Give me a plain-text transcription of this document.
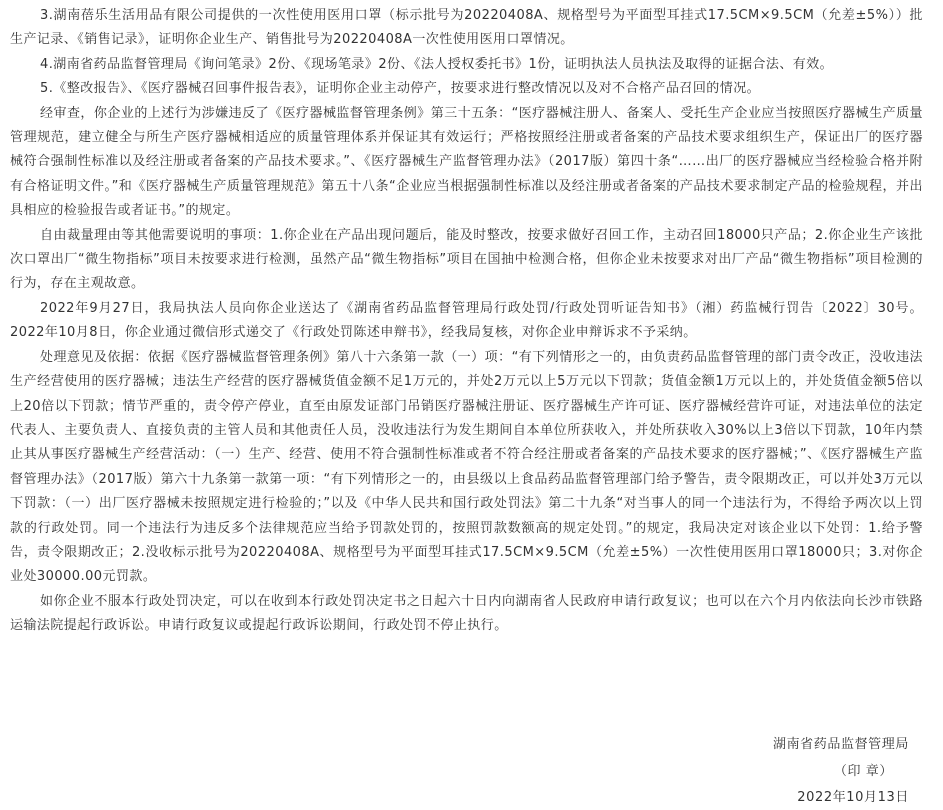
3.湖南蓓乐生活用品有限公司提供的一次性使用医用口罩（标示批号为20220408A、规格型号为平面型耳挂式17.5CM×9.5CM（允差±5%））批生产记录、《销售记录》，证明你企业生产、销售批号为20220408A一次性使用医用口罩情况。

4.湖南省药品监督管理局《询问笔录》2份、《现场笔录》2份、《法人授权委托书》1份，证明执法人员执法及取得的证据合法、有效。

5.《整改报告》、《医疗器械召回事件报告表》，证明你企业主动停产，按要求进行整改情况以及对不合格产品召回的情况。

经审查，你企业的上述行为涉嫌违反了《医疗器械监督管理条例》第三十五条：“医疗器械注册人、备案人、受托生产企业应当按照医疗器械生产质量管理规范，建立健全与所生产医疗器械相适应的质量管理体系并保证其有效运行；严格按照经注册或者备案的产品技术要求组织生产，保证出厂的医疗器械符合强制性标准以及经注册或者备案的产品技术要求。”、《医疗器械生产监督管理办法》（2017版）第四十条“……出厂的医疗器械应当经检验合格并附有合格证明文件。”和《医疗器械生产质量管理规范》第五十八条“企业应当根据强制性标准以及经注册或者备案的产品技术要求制定产品的检验规程，并出具相应的检验报告或者证书。”的规定。

自由裁量理由等其他需要说明的事项：1.你企业在产品出现问题后，能及时整改，按要求做好召回工作，主动召回18000只产品；2.你企业生产该批次口罩出厂“微生物指标”项目未按要求进行检测，虽然产品“微生物指标”项目在国抽中检测合格，但你企业未按要求对出厂产品“微生物指标”项目检测的行为，存在主观故意。

2022年9月27日，我局执法人员向你企业送达了《湖南省药品监督管理局行政处罚/行政处罚听证告知书》（湘）药监械行罚告〔2022〕30号。2022年10月8日，你企业通过微信形式递交了《行政处罚陈述申辩书》，经我局复核，对你企业申辩诉求不予采纳。

处理意见及依据：依据《医疗器械监督管理条例》第八十六条第一款（一）项：“有下列情形之一的，由负责药品监督管理的部门责令改正，没收违法生产经营使用的医疗器械；违法生产经营的医疗器械货值金额不足1万元的，并处2万元以上5万元以下罚款；货值金额1万元以上的，并处货值金额5倍以上20倍以下罚款；情节严重的，责令停产停业，直至由原发证部门吊销医疗器械注册证、医疗器械生产许可证、医疗器械经营许可证，对违法单位的法定代表人、主要负责人、直接负责的主管人员和其他责任人员，没收违法行为发生期间自本单位所获收入，并处所获收入30%以上3倍以下罚款，10年内禁止其从事医疗器械生产经营活动：（一）生产、经营、使用不符合强制性标准或者不符合经注册或者备案的产品技术要求的医疗器械；”、《医疗器械生产监督管理办法》（2017版）第六十九条第一款第一项：“有下列情形之一的，由县级以上食品药品监督管理部门给予警告，责令限期改正，可以并处3万元以下罚款：（一）出厂医疗器械未按照规定进行检验的；”以及《中华人民共和国行政处罚法》第二十九条“对当事人的同一个违法行为，不得给予两次以上罚款的行政处罚。同一个违法行为违反多个法律规范应当给予罚款处罚的，按照罚款数额高的规定处罚。”的规定，我局决定对该企业以下处罚：1.给予警告，责令限期改正；2.没收标示批号为20220408A、规格型号为平面型耳挂式17.5CM×9.5CM（允差±5%）一次性使用医用口罩18000只；3.对你企业处30000.00元罚款。

如你企业不服本行政处罚决定，可以在收到本行政处罚决定书之日起六十日内向湖南省人民政府申请行政复议；也可以在六个月内依法向长沙市铁路运输法院提起行政诉讼。申请行政复议或提起行政诉讼期间，行政处罚不停止执行。

湖南省药品监督管理局
（印 章）
2022年10月13日
